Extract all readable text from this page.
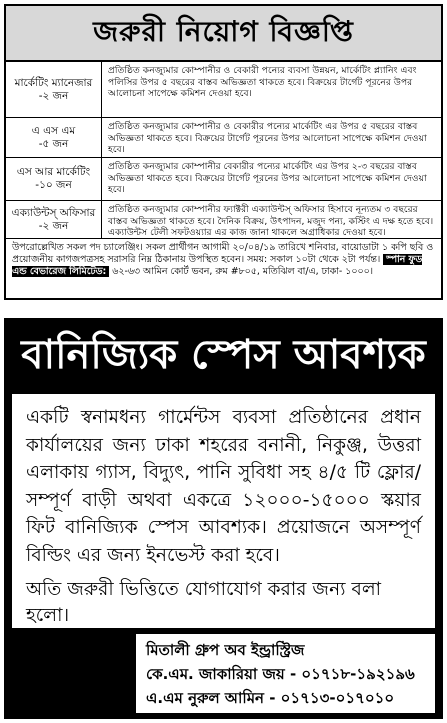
জরুরী নিয়োগ বিজ্ঞপ্তি
মার্কেটিং ম্যানেজার
-২ জন
প্রতিষ্ঠিত কনজ্যুমার কোম্পানীর ও বেকারী পন্যের ব্যবসা উন্নয়ন, মার্কেটিং প্ল্যানিং এবং পলিসির উপর ৫ বছরের বাস্তব অভিজ্ঞতা থাকতে হবে। বিক্রয়ের টার্গেট পূরনের উপর আলোচনা সাপেক্ষে কমিশন দেওয়া হবে।
এ এস এম
-৫ জন
প্রতিষ্ঠিত কনজ্যুমার কোম্পানীর ও বেকারীর পন্যের মার্কেটিং এর উপর ৫ বছরের বাস্তব অভিজ্ঞতা থাকতে হবে। বিক্রয়ের টার্গেট পূরনের উপর আলোচনা সাপেক্ষে কমিশন দেওয়া হবে।
এস আর মার্কেটিং
-১০ জন
প্রতিষ্ঠিত কনজ্যুমার কোম্পানীর বেকারীর পন্যের মার্কেটিং এর উপর ২-৩ বছরের বাস্তব অভিজ্ঞতা থাকতে হবে। বিক্রয়ের টার্গেট পূরনের উপর আলোচনা সাপেক্ষে কমিশন দেওয়া হবে।
এক্যাউন্টস্ অফিসার
-২ জন
প্রতিষ্ঠিত কনজ্যুমার কোম্পানীর ফ্যাক্টরী এক্যাউন্টস্ অফিসার হিসাবে নূন্যতম ৩ বছরের বাস্তব অভিজ্ঞতা থাকতে হবে। দৈনিক বিক্রয়, উৎপাদন, মজুদ পন্য, কস্টিং এ দক্ষ হতে হবে। এক্যাউন্টস টেলী সফটওয়্যার এর কাজ জানা থাকলে অগ্রাধিকার দেওয়া হবে।
উপরোল্লেখিত সকল পদ চ্যালেঞ্জিং। সকল প্রার্থীগন আগামী ২০/০৪/১৯ তারিখে শনিবার, বায়োডাটা ১ কপি ছবি ও প্রয়োজনীয় কাগজপত্রসহ সরাসরি নিম্ন ঠিকানায় উপস্থিত হবেন। সময়: সকাল ১০টা থেকে ২টা পর্যন্ত। স্পান ফুড এন্ড বেভারেজ লিমিটেড: ৬২-৬৩ আমিন কোর্ট ভবন, রুম #৮০৫, মতিঝিল বা/এ, ঢাকা- ১০০০।
বানিজ্যিক স্পেস আবশ্যক

একটি স্বনামধন্য গার্মেন্টস ব্যবসা প্রতিষ্ঠানের প্রধান কার্যালয়ের জন্য ঢাকা শহরের বনানী, নিকুঞ্জ, উত্তরা এলাকায় গ্যাস, বিদ্যুৎ, পানি সুবিধা সহ ৪/৫ টি ফ্লোর/সম্পূর্ণ বাড়ী অথবা একত্রে ১২০০০-১৫০০০ স্কয়ার ফিট বানিজ্যিক স্পেস আবশ্যক। প্রয়োজনে অসম্পূর্ণ বিল্ডিং এর জন্য ইনভেস্ট করা হবে।

অতি জরুরী ভিত্তিতে যোগাযোগ করার জন্য বলা হলো।

মিতালী গ্রুপ অব ইন্ড্রাস্ট্রিজ
কে.এম. জাকারিয়া জয় - ০১৭১৮-১৯২১৯৬
এ.এম নুরুল আমিন - ০১৭১৩-০১৭০১০
